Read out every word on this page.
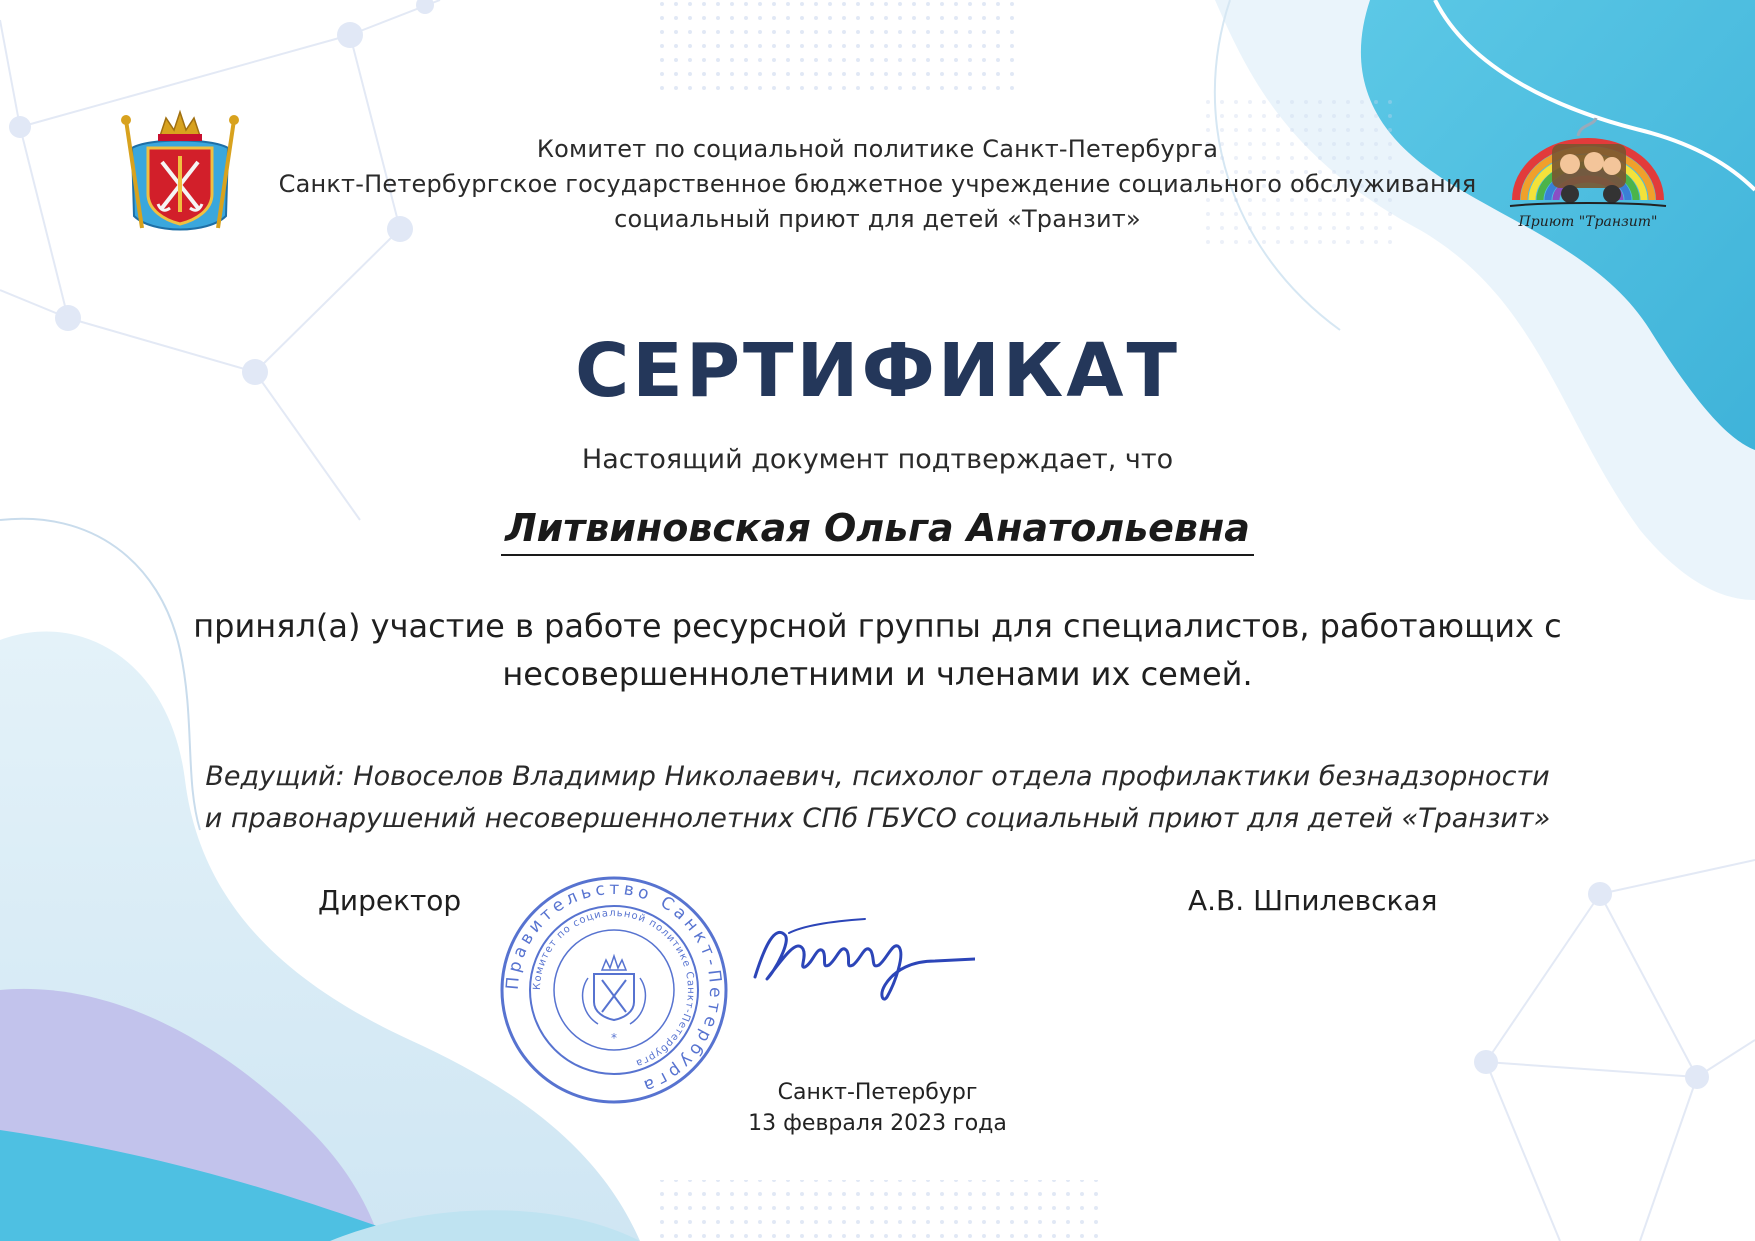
Приют "Транзит"
Комитет по социальной политике Санкт-Петербурга
Санкт-Петербургское государственное бюджетное учреждение социального обслуживания
социальный приют для детей «Транзит»
СЕРТИФИКАТ
Настоящий документ подтверждает, что
Литвиновская Ольга Анатольевна
принял(а) участие в работе ресурсной группы для специалистов, работающих с
несовершеннолетними и членами их семей.
Ведущий: Новоселов Владимир Николаевич, психолог отдела профилактики безнадзорности
и правонарушений несовершеннолетних СПб ГБУСО социальный приют для детей «Транзит»
Директор	А.В. Шпилевская
Правительство Санкт-Петербурга
Комитет по социальной политике Санкт-Петербурга
*
Санкт-Петербург
13 февраля 2023 года
